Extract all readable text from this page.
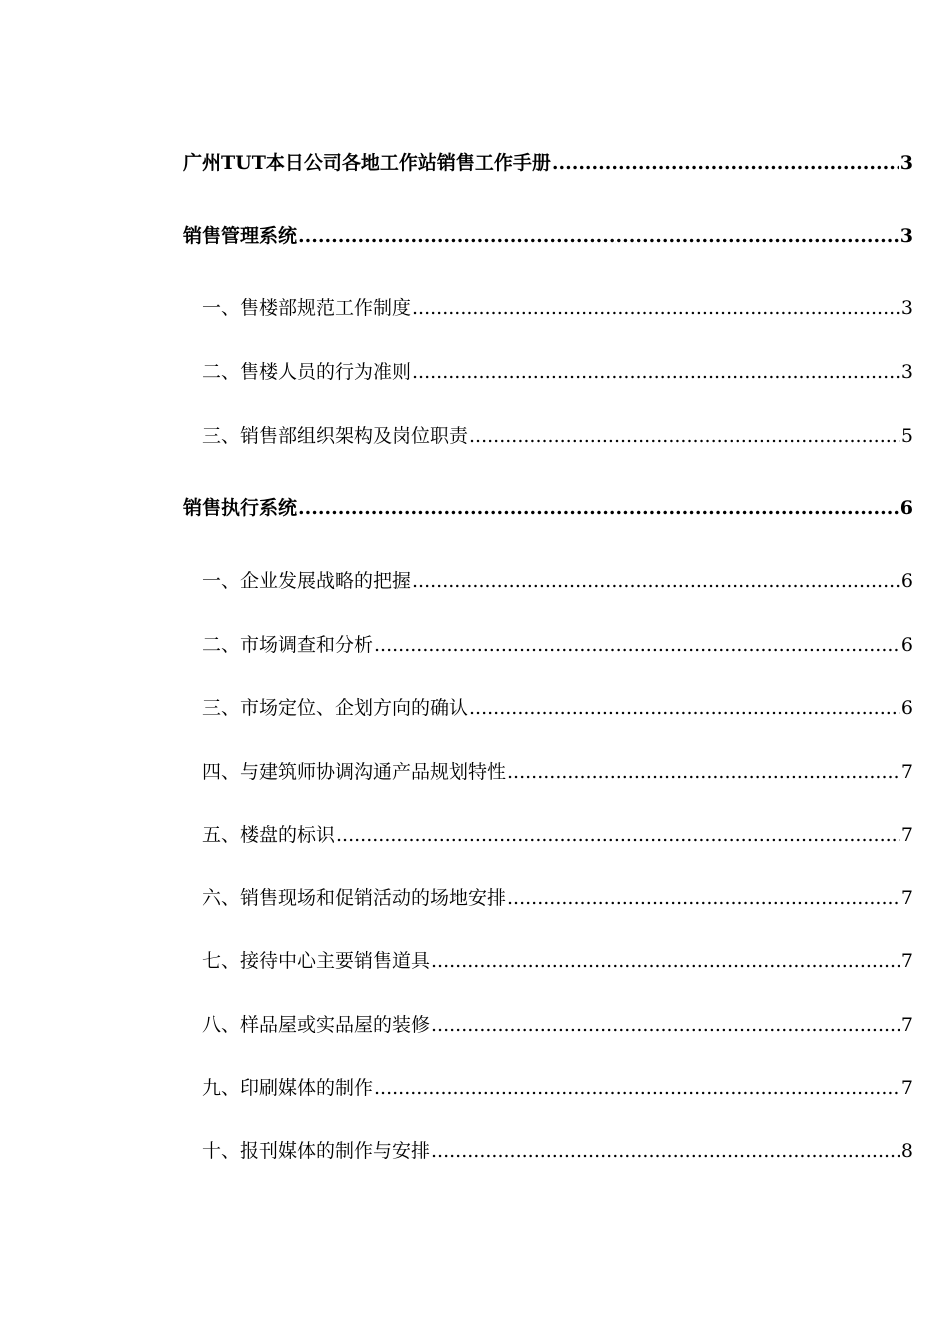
广州TUT本日公司各地工作站销售工作手册 .....	3
销售管理系统 .....	3
一、售楼部规范工作制度 .....	3
二、售楼人员的行为准则 .....	3
三、销售部组织架构及岗位职责 .....	5
销售执行系统 .....	6
一、企业发展战略的把握 .....	6
二、市场调查和分析 .....	6
三、市场定位、企划方向的确认 .....	6
四、与建筑师协调沟通产品规划特性 .....	7
五、楼盘的标识 .....	7
六、销售现场和促销活动的场地安排 .....	7
七、接待中心主要销售道具 .....	7
八、样品屋或实品屋的装修 .....	7
九、印刷媒体的制作 .....	7
十、报刊媒体的制作与安排 .....	8
